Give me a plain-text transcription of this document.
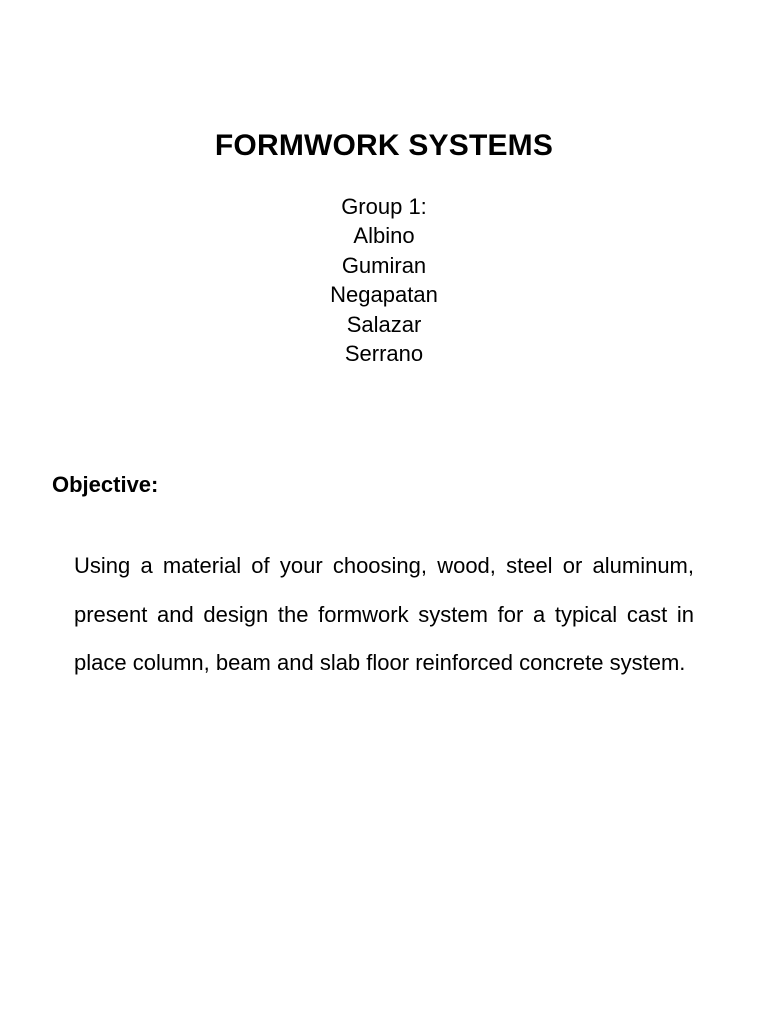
FORMWORK SYSTEMS
Group 1:
Albino
Gumiran
Negapatan
Salazar
Serrano
Objective:

Using a material of your choosing, wood, steel or aluminum, present and design the formwork system for a typical cast in place column, beam and slab floor reinforced concrete system.
